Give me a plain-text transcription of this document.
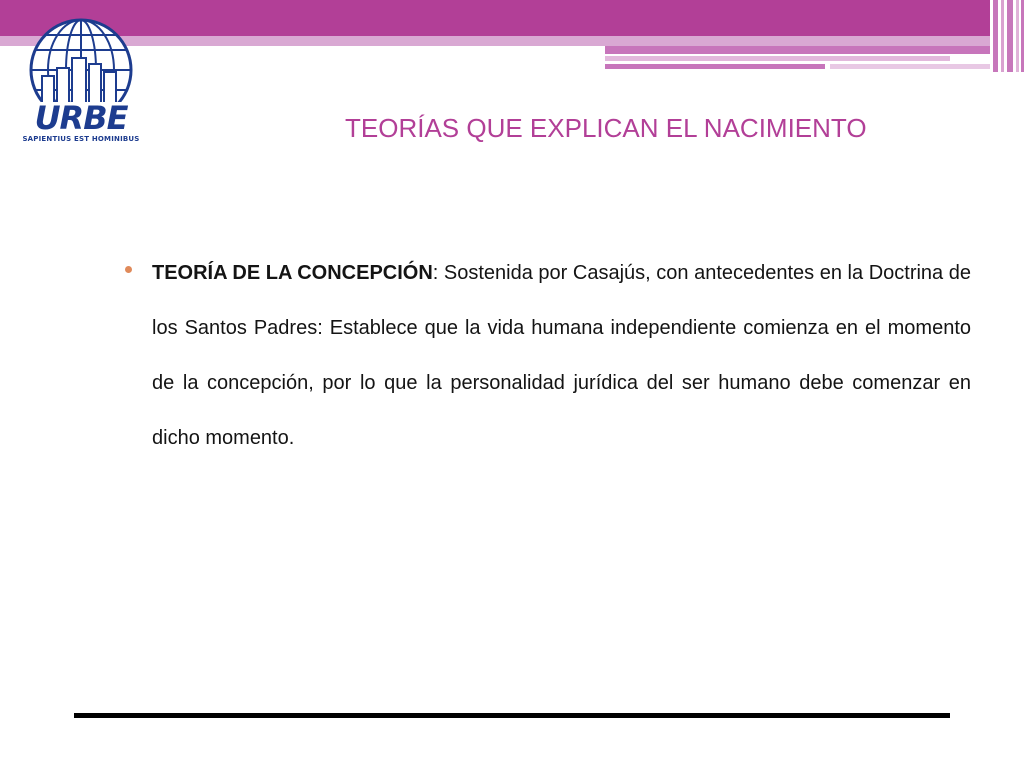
URBE
SAPIENTIUS EST HOMINIBUS	TEORÍAS QUE EXPLICAN EL NACIMIENTO

TEORÍA DE LA CONCEPCIÓN: Sostenida por Casajús, con antecedentes en la Doctrina de los Santos Padres: Establece que la vida humana independiente comienza en el momento de la concepción, por lo que la personalidad jurídica del ser humano debe comenzar en dicho momento.
